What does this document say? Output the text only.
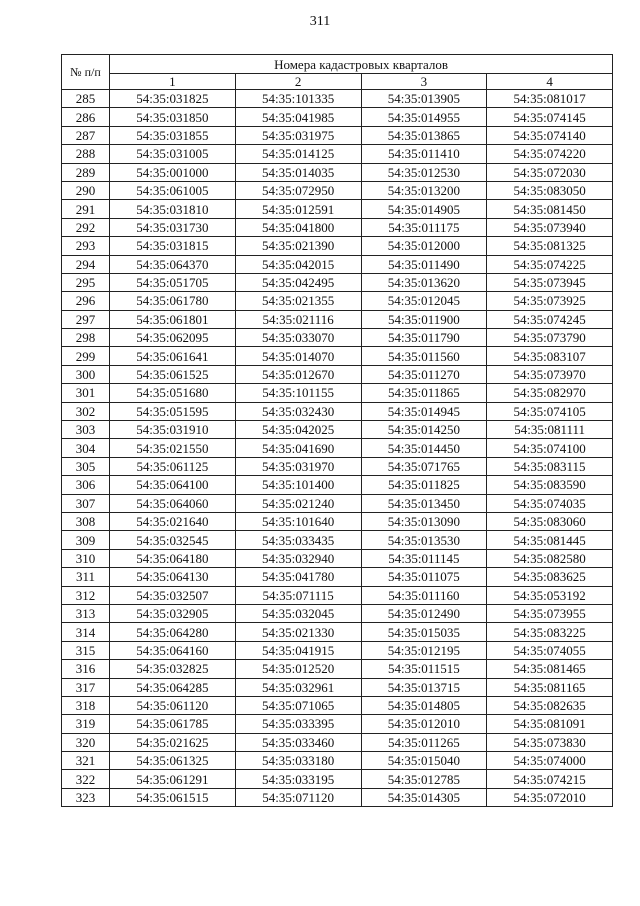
311
№ п/п	Номера кадастровых кварталов			
	1	2	3	4
285	54:35:031825	54:35:101335	54:35:013905	54:35:081017
286	54:35:031850	54:35:041985	54:35:014955	54:35:074145
287	54:35:031855	54:35:031975	54:35:013865	54:35:074140
288	54:35:031005	54:35:014125	54:35:011410	54:35:074220
289	54:35:001000	54:35:014035	54:35:012530	54:35:072030
290	54:35:061005	54:35:072950	54:35:013200	54:35:083050
291	54:35:031810	54:35:012591	54:35:014905	54:35:081450
292	54:35:031730	54:35:041800	54:35:011175	54:35:073940
293	54:35:031815	54:35:021390	54:35:012000	54:35:081325
294	54:35:064370	54:35:042015	54:35:011490	54:35:074225
295	54:35:051705	54:35:042495	54:35:013620	54:35:073945
296	54:35:061780	54:35:021355	54:35:012045	54:35:073925
297	54:35:061801	54:35:021116	54:35:011900	54:35:074245
298	54:35:062095	54:35:033070	54:35:011790	54:35:073790
299	54:35:061641	54:35:014070	54:35:011560	54:35:083107
300	54:35:061525	54:35:012670	54:35:011270	54:35:073970
301	54:35:051680	54:35:101155	54:35:011865	54:35:082970
302	54:35:051595	54:35:032430	54:35:014945	54:35:074105
303	54:35:031910	54:35:042025	54:35:014250	54:35:081111
304	54:35:021550	54:35:041690	54:35:014450	54:35:074100
305	54:35:061125	54:35:031970	54:35:071765	54:35:083115
306	54:35:064100	54:35:101400	54:35:011825	54:35:083590
307	54:35:064060	54:35:021240	54:35:013450	54:35:074035
308	54:35:021640	54:35:101640	54:35:013090	54:35:083060
309	54:35:032545	54:35:033435	54:35:013530	54:35:081445
310	54:35:064180	54:35:032940	54:35:011145	54:35:082580
311	54:35:064130	54:35:041780	54:35:011075	54:35:083625
312	54:35:032507	54:35:071115	54:35:011160	54:35:053192
313	54:35:032905	54:35:032045	54:35:012490	54:35:073955
314	54:35:064280	54:35:021330	54:35:015035	54:35:083225
315	54:35:064160	54:35:041915	54:35:012195	54:35:074055
316	54:35:032825	54:35:012520	54:35:011515	54:35:081465
317	54:35:064285	54:35:032961	54:35:013715	54:35:081165
318	54:35:061120	54:35:071065	54:35:014805	54:35:082635
319	54:35:061785	54:35:033395	54:35:012010	54:35:081091
320	54:35:021625	54:35:033460	54:35:011265	54:35:073830
321	54:35:061325	54:35:033180	54:35:015040	54:35:074000
322	54:35:061291	54:35:033195	54:35:012785	54:35:074215
323	54:35:061515	54:35:071120	54:35:014305	54:35:072010
